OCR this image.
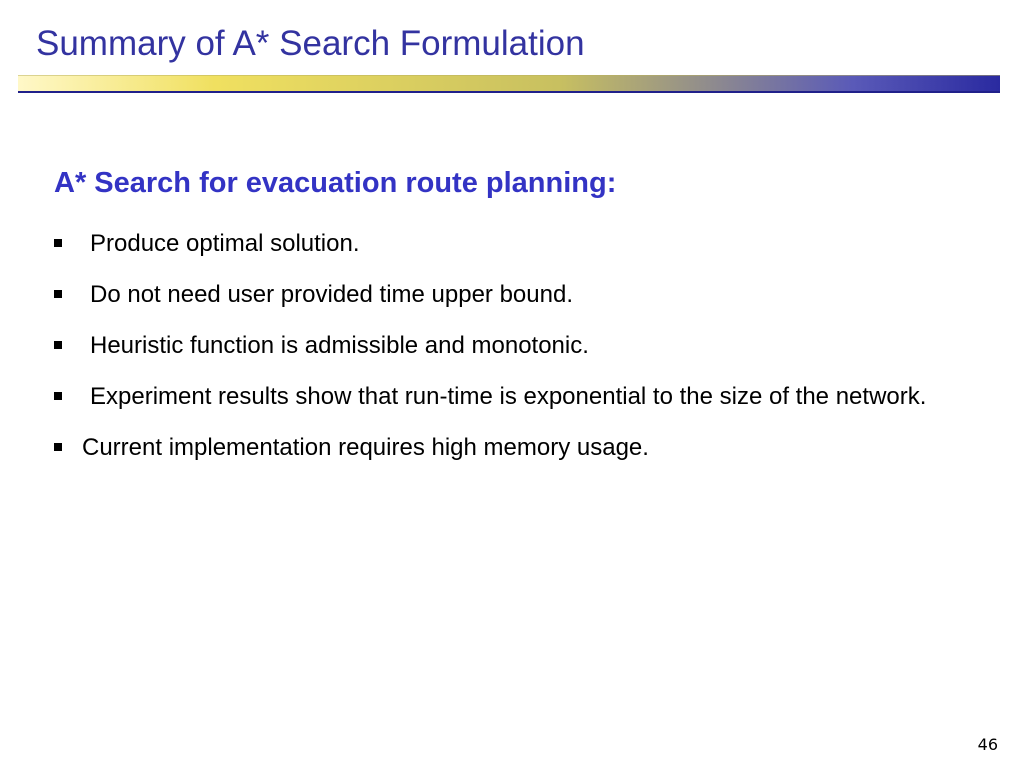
Summary of A* Search Formulation
A* Search for evacuation route planning:
Produce optimal solution.
Do not need user provided time upper bound.
Heuristic function is admissible and monotonic.
Experiment results show that run-time is exponential to the size of the network.
Current implementation requires high memory usage.
46
